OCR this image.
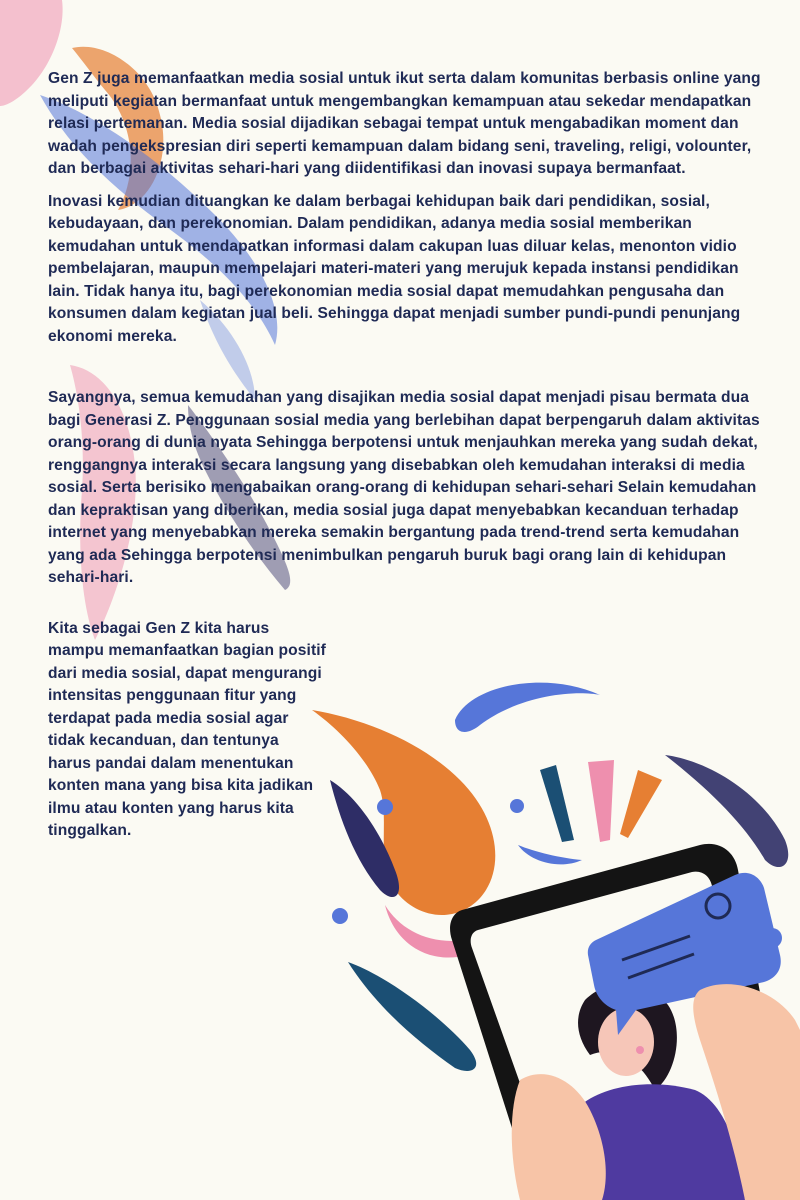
Gen Z juga memanfaatkan media sosial untuk ikut serta dalam komunitas berbasis online yang meliputi kegiatan bermanfaat untuk mengembangkan kemampuan atau sekedar mendapatkan relasi pertemanan. Media sosial dijadikan sebagai tempat untuk mengabadikan moment dan wadah pengekspresian diri seperti kemampuan dalam bidang seni, traveling, religi, volounter, dan berbagai aktivitas sehari-hari yang diidentifikasi dan inovasi supaya bermanfaat.

Inovasi kemudian dituangkan ke dalam berbagai kehidupan baik dari pendidikan, sosial, kebudayaan, dan perekonomian. Dalam pendidikan, adanya media sosial memberikan kemudahan untuk mendapatkan informasi dalam cakupan luas diluar kelas, menonton vidio pembelajaran, maupun mempelajari materi-materi yang merujuk kepada instansi pendidikan lain. Tidak hanya itu, bagi perekonomian media sosial dapat memudahkan pengusaha dan konsumen dalam kegiatan jual beli. Sehingga dapat menjadi sumber pundi-pundi penunjang ekonomi mereka.

Sayangnya, semua kemudahan yang disajikan media sosial dapat menjadi pisau bermata dua bagi Generasi Z. Penggunaan sosial media yang berlebihan dapat berpengaruh dalam aktivitas orang-orang di dunia nyata Sehingga berpotensi untuk menjauhkan mereka yang sudah dekat, renggangnya interaksi secara langsung yang disebabkan oleh kemudahan interaksi di media sosial. Serta berisiko mengabaikan orang-orang di kehidupan sehari-sehari Selain kemudahan dan kepraktisan yang diberikan, media sosial juga dapat menyebabkan kecanduan terhadap internet yang menyebabkan mereka semakin bergantung pada trend-trend serta kemudahan yang ada Sehingga berpotensi menimbulkan pengaruh buruk bagi orang lain di kehidupan sehari-hari.

Kita sebagai Gen Z kita harus mampu memanfaatkan bagian positif dari media sosial, dapat mengurangi intensitas penggunaan fitur yang terdapat pada media sosial agar tidak kecanduan, dan tentunya harus pandai dalam menentukan konten mana yang bisa kita jadikan ilmu atau konten yang harus kita tinggalkan.
